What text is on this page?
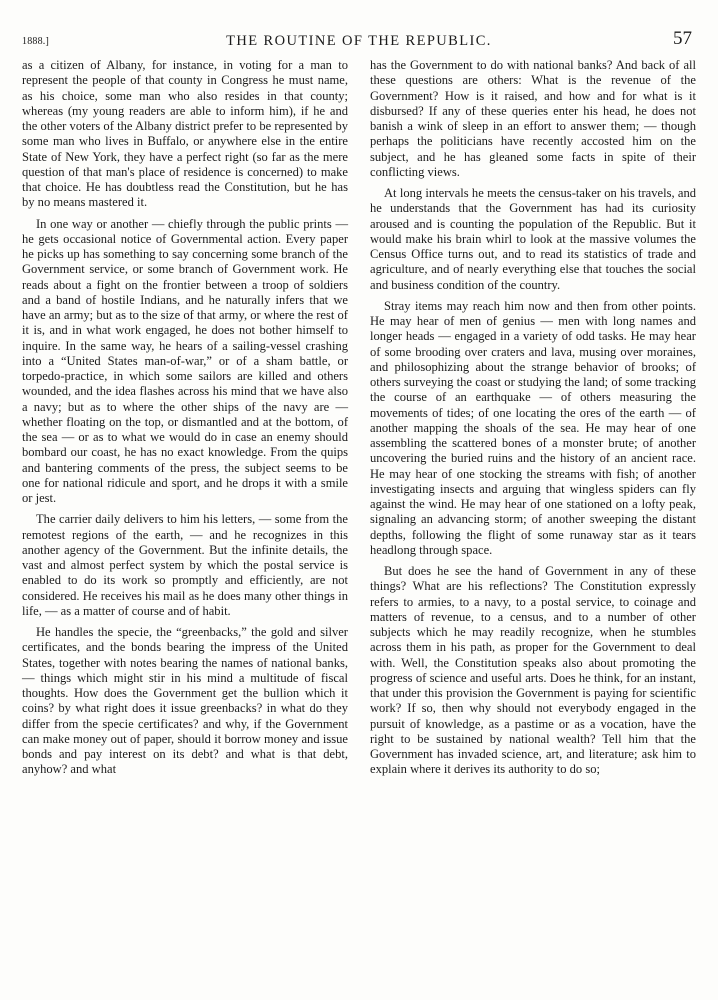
1888.]	THE ROUTINE OF THE REPUBLIC.	57

as a citizen of Albany, for instance, in voting for a man to represent the people of that county in Congress he must name, as his choice, some man who also resides in that county; whereas (my young readers are able to inform him), if he and the other voters of the Albany district prefer to be represented by some man who lives in Buffalo, or anywhere else in the entire State of New York, they have a perfect right (so far as the mere question of that man's place of residence is concerned) to make that choice. He has doubtless read the Constitution, but he has by no means mastered it.

In one way or another — chiefly through the public prints — he gets occasional notice of Governmental action. Every paper he picks up has something to say concerning some branch of the Government service, or some branch of Government work. He reads about a fight on the frontier between a troop of soldiers and a band of hostile Indians, and he naturally infers that we have an army; but as to the size of that army, or where the rest of it is, and in what work engaged, he does not bother himself to inquire. In the same way, he hears of a sailing-vessel crashing into a “United States man-of-war,” or of a sham battle, or torpedo-practice, in which some sailors are killed and others wounded, and the idea flashes across his mind that we have also a navy; but as to where the other ships of the navy are — whether floating on the top, or dismantled and at the bottom, of the sea — or as to what we would do in case an enemy should bombard our coast, he has no exact knowledge. From the quips and bantering comments of the press, the subject seems to be one for national ridicule and sport, and he drops it with a smile or jest.

The carrier daily delivers to him his letters, — some from the remotest regions of the earth, — and he recognizes in this another agency of the Government. But the infinite details, the vast and almost perfect system by which the postal service is enabled to do its work so promptly and efficiently, are not considered. He receives his mail as he does many other things in life, — as a matter of course and of habit.

He handles the specie, the “greenbacks,” the gold and silver certificates, and the bonds bearing the impress of the United States, together with notes bearing the names of national banks, — things which might stir in his mind a multitude of fiscal thoughts. How does the Government get the bullion which it coins? by what right does it issue greenbacks? in what do they differ from the specie certificates? and why, if the Government can make money out of paper, should it borrow money and issue bonds and pay interest on its debt? and what is that debt, anyhow? and what

has the Government to do with national banks? And back of all these questions are others: What is the revenue of the Government? How is it raised, and how and for what is it disbursed? If any of these queries enter his head, he does not banish a wink of sleep in an effort to answer them; — though perhaps the politicians have recently accosted him on the subject, and he has gleaned some facts in spite of their conflicting views.

At long intervals he meets the census-taker on his travels, and he understands that the Government has had its curiosity aroused and is counting the population of the Republic. But it would make his brain whirl to look at the massive volumes the Census Office turns out, and to read its statistics of trade and agriculture, and of nearly everything else that touches the social and business condition of the country.

Stray items may reach him now and then from other points. He may hear of men of genius — men with long names and longer heads — engaged in a variety of odd tasks. He may hear of some brooding over craters and lava, musing over moraines, and philosophizing about the strange behavior of brooks; of others surveying the coast or studying the land; of some tracking the course of an earthquake — of others measuring the movements of tides; of one locating the ores of the earth — of another mapping the shoals of the sea. He may hear of one assembling the scattered bones of a monster brute; of another uncovering the buried ruins and the history of an ancient race. He may hear of one stocking the streams with fish; of another investigating insects and arguing that wingless spiders can fly against the wind. He may hear of one stationed on a lofty peak, signaling an advancing storm; of another sweeping the distant depths, following the flight of some runaway star as it tears headlong through space.

But does he see the hand of Government in any of these things? What are his reflections? The Constitution expressly refers to armies, to a navy, to a postal service, to coinage and matters of revenue, to a census, and to a number of other subjects which he may readily recognize, when he stumbles across them in his path, as proper for the Government to deal with. Well, the Constitution speaks also about promoting the progress of science and useful arts. Does he think, for an instant, that under this provision the Government is paying for scientific work? If so, then why should not everybody engaged in the pursuit of knowledge, as a pastime or as a vocation, have the right to be sustained by national wealth? Tell him that the Government has invaded science, art, and literature; ask him to explain where it derives its authority to do so;
